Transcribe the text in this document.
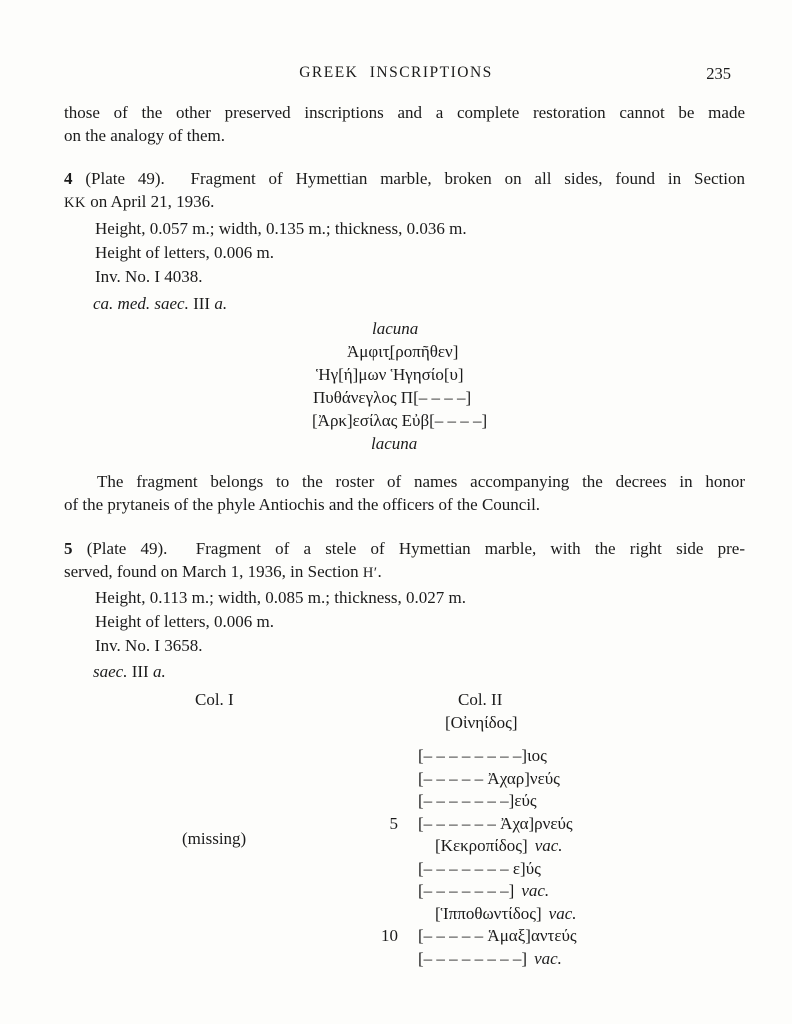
GREEK INSCRIPTIONS	235
those of the other preserved inscriptions and a complete restoration cannot be made
on the analogy of them.
4 (Plate 49).  Fragment of Hymettian marble, broken on all sides, found in Section
KK on April 21, 1936.
Height, 0.057 m.; width, 0.135 m.; thickness, 0.036 m.
Height of letters, 0.006 m.
Inv. No. I 4038.
ca. med. saec. III a.
lacuna
Ἀμφιτ̣[ροπῆθεν]
Ἡγ[ή]μων Ἡγησίο[υ]
Πυθάνεγλος Π[– – – –]
[Ἀρκ]εσίλας Εὐβ[– – – –]
lacuna
The fragment belongs to the roster of names accompanying the decrees in honor
of the prytaneis of the phyle Antiochis and the officers of the Council.
5 (Plate 49).  Fragment of a stele of Hymettian marble, with the right side pre-
served, found on March 1, 1936, in Section H′.
Height, 0.113 m.; width, 0.085 m.; thickness, 0.027 m.
Height of letters, 0.006 m.
Inv. No. I 3658.
saec. III a.
Col. I	Col. II
[Οἰνηίδος]
(missing)
[– – – – – – – –]ιος
[– – – – – Ἀχαρ]νεύς
[– – – – – – –]εύς
5 [– – – – – – Ἀχα]ρνεύς
[Κεκροπίδος] vac.
[– – – – – – – ε]ύς
[– – – – – – –] vac.
[Ἱπποθωντίδος] vac.
10 [– – – – – Ἁμαξ]αντεύς
[– – – – – – – –] vac.
